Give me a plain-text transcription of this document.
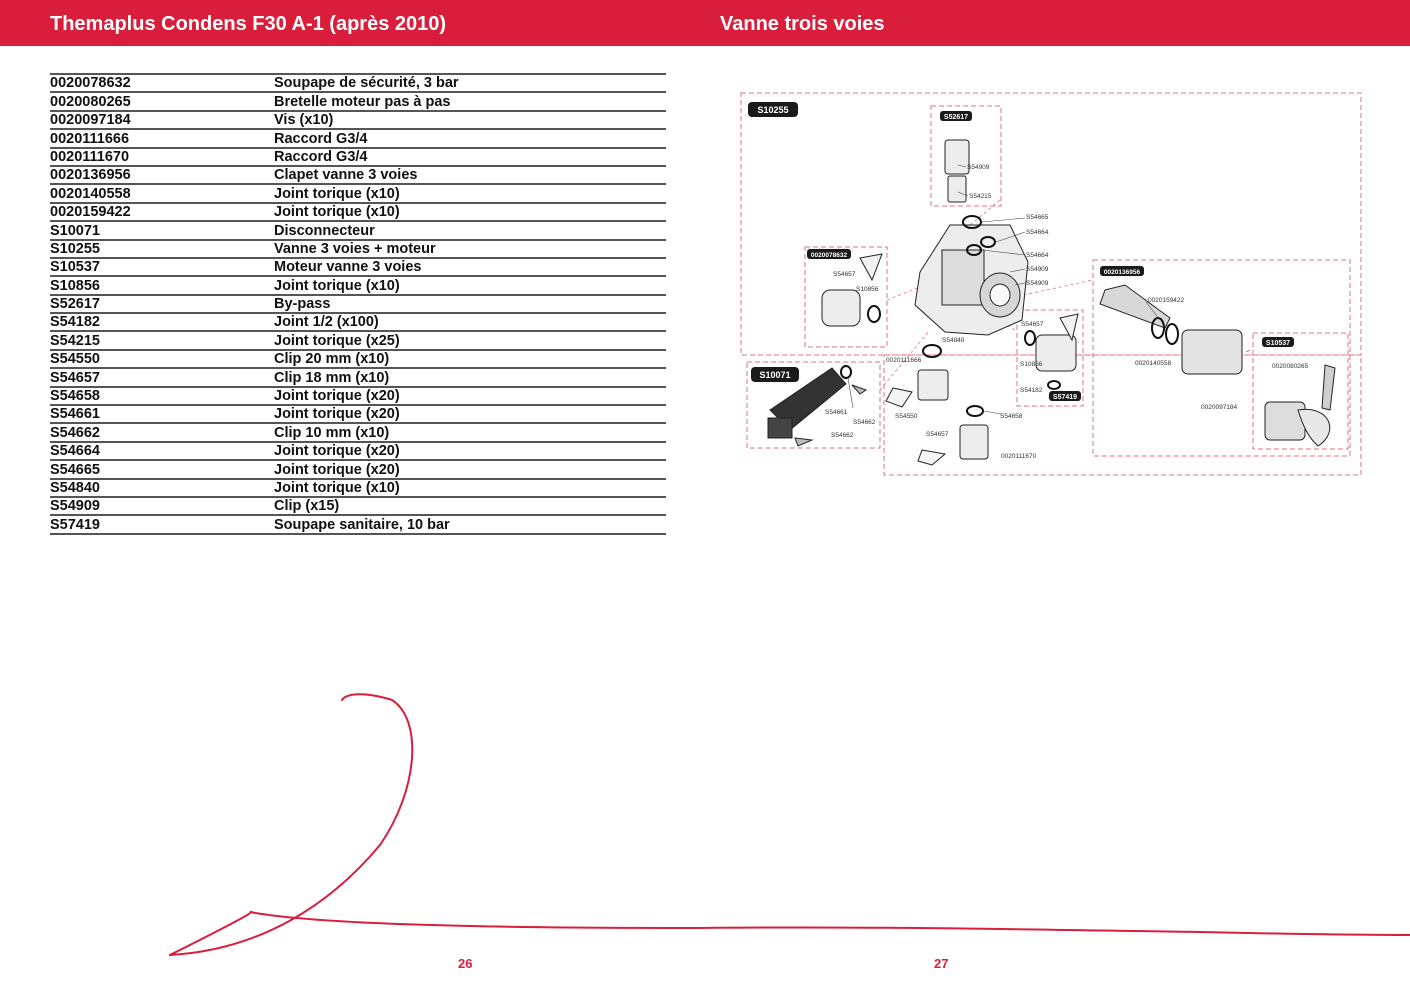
Themaplus Condens F30 A-1 (après 2010)	Vanne trois voies
0020078632	Soupape de sécurité, 3 bar
0020080265	Bretelle moteur pas à pas
0020097184	Vis (x10)
0020111666	Raccord G3/4
0020111670	Raccord G3/4
0020136956	Clapet vanne 3 voies
0020140558	Joint torique (x10)
0020159422	Joint torique (x10)
S10071	Disconnecteur
S10255	Vanne 3 voies + moteur
S10537	Moteur vanne 3 voies
S10856	Joint torique (x10)
S52617	By-pass
S54182	Joint 1/2 (x100)
S54215	Joint torique (x25)
S54550	Clip 20 mm (x10)
S54657	Clip 18 mm (x10)
S54658	Joint torique (x20)
S54661	Joint torique (x20)
S54662	Clip 10 mm (x10)
S54664	Joint torique (x20)
S54665	Joint torique (x20)
S54840	Joint torique (x10)
S54909	Clip (x15)
S57419	Soupape sanitaire, 10 bar
S10255
S52617
0020078632
0020136956
S10071
S10537
S57419
S54909
S54215
S54665
S54664
S54664
S54909
S54909
S54657
S10856
0020159422
0020140558	0020080265
0020097184
S54657
S10856
S54840
0020111666
S54182
S54661
S54662
S54662
S54550
S54657
S54658
0020111670
26	27
